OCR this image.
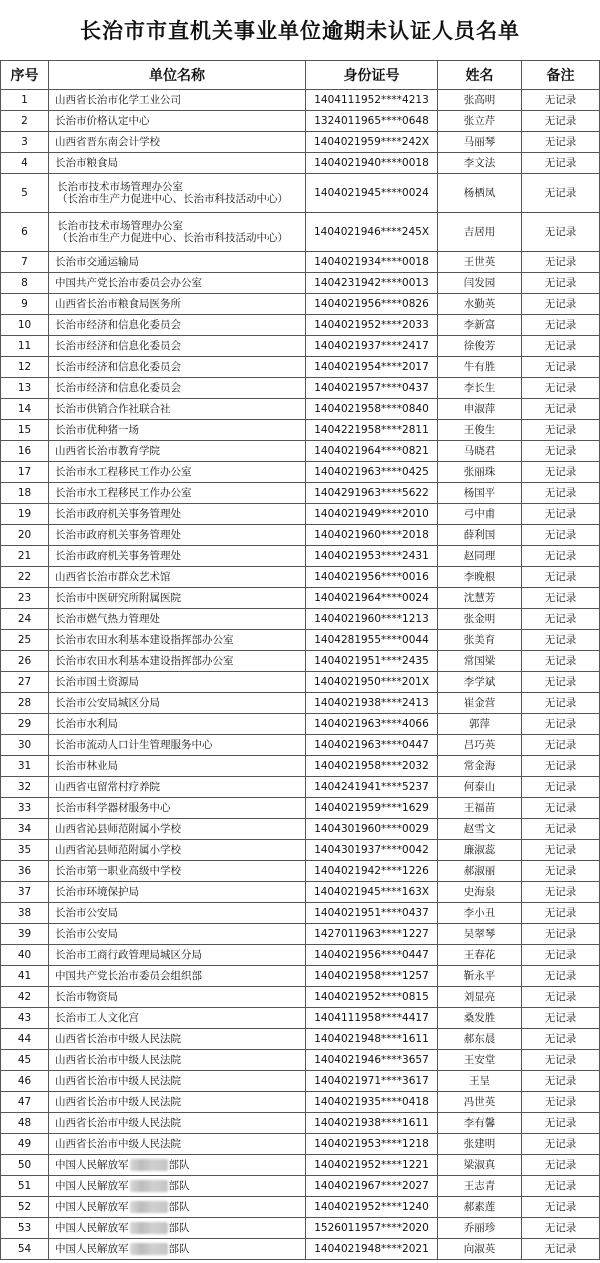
长治市市直机关事业单位逾期未认证人员名单
序号	单位名称	身份证号	姓名	备注
1	山西省长治市化学工业公司	1404111952****4213	张高明	无记录
2	长治市价格认定中心	1324011965****0648	张立芹	无记录
3	山西省晋东南会计学校	1404021959****242X	马丽琴	无记录
4	长治市粮食局	1404021940****0018	李文法	无记录
5	长治市技术市场管理办公室
（长治市生产力促进中心、长治市科技活动中心）	1404021945****0024	杨栖凤	无记录
6	长治市技术市场管理办公室
（长治市生产力促进中心、长治市科技活动中心）	1404021946****245X	吉居用	无记录
7	长治市交通运输局	1404021934****0018	王世英	无记录
8	中国共产党长治市委员会办公室	1404231942****0013	闫发园	无记录
9	山西省长治市粮食局医务所	1404021956****0826	水勤英	无记录
10	长治市经济和信息化委员会	1404021952****2033	李新富	无记录
11	长治市经济和信息化委员会	1404021937****2417	徐俊芳	无记录
12	长治市经济和信息化委员会	1404021954****2017	牛有胜	无记录
13	长治市经济和信息化委员会	1404021957****0437	李长生	无记录
14	长治市供销合作社联合社	1404021958****0840	申淑萍	无记录
15	长治市优种猪一场	1404221958****2811	王俊生	无记录
16	山西省长治市教育学院	1404021964****0821	马晓君	无记录
17	长治市水工程移民工作办公室	1404021963****0425	张丽珠	无记录
18	长治市水工程移民工作办公室	1404291963****5622	杨国平	无记录
19	长治市政府机关事务管理处	1404021949****2010	弓中甫	无记录
20	长治市政府机关事务管理处	1404021960****2018	薛利国	无记录
21	长治市政府机关事务管理处	1404021953****2431	赵同理	无记录
22	山西省长治市群众艺术馆	1404021956****0016	李晚根	无记录
23	长治市中医研究所附属医院	1404021964****0024	沈慧芳	无记录
24	长治市燃气热力管理处	1404021960****1213	张金明	无记录
25	长治市农田水利基本建设指挥部办公室	1404281955****0044	张美育	无记录
26	长治市农田水利基本建设指挥部办公室	1404021951****2435	常国梁	无记录
27	长治市国土资源局	1404021950****201X	李学斌	无记录
28	长治市公安局城区分局	1404021938****2413	崔金营	无记录
29	长治市水利局	1404021963****4066	郭萍	无记录
30	长治市流动人口计生管理服务中心	1404021963****0447	吕巧英	无记录
31	长治市林业局	1404021958****2032	常金海	无记录
32	山西省屯留常村疗养院	1404241941****5237	何泰山	无记录
33	长治市科学器材服务中心	1404021959****1629	王福苗	无记录
34	山西省沁县师范附属小学校	1404301960****0029	赵雪文	无记录
35	山西省沁县师范附属小学校	1404301937****0042	廉淑蕊	无记录
36	长治市第一职业高级中学校	1404021942****1226	郝淑丽	无记录
37	长治市环境保护局	1404021945****163X	史海泉	无记录
38	长治市公安局	1404021951****0437	李小丑	无记录
39	长治市公安局	1427011963****1227	吴翠琴	无记录
40	长治市工商行政管理局城区分局	1404021956****0447	王春花	无记录
41	中国共产党长治市委员会组织部	1404021958****1257	靳永平	无记录
42	长治市物资局	1404021952****0815	刘显亮	无记录
43	长治市工人文化宫	1404111958****4417	桑发胜	无记录
44	山西省长治市中级人民法院	1404021948****1611	郝东晨	无记录
45	山西省长治市中级人民法院	1404021946****3657	王安堂	无记录
46	山西省长治市中级人民法院	1404021971****3617	王呈	无记录
47	山西省长治市中级人民法院	1404021935****0418	冯世英	无记录
48	山西省长治市中级人民法院	1404021938****1611	李有馨	无记录
49	山西省长治市中级人民法院	1404021953****1218	张建明	无记录
50	中国人民解放军 部队	1404021952****1221	梁淑真	无记录
51	中国人民解放军 部队	1404021967****2027	王志青	无记录
52	中国人民解放军 部队	1404021952****1240	郝素莲	无记录
53	中国人民解放军 部队	1526011957****2020	乔丽珍	无记录
54	中国人民解放军 部队	1404021948****2021	向淑英	无记录
